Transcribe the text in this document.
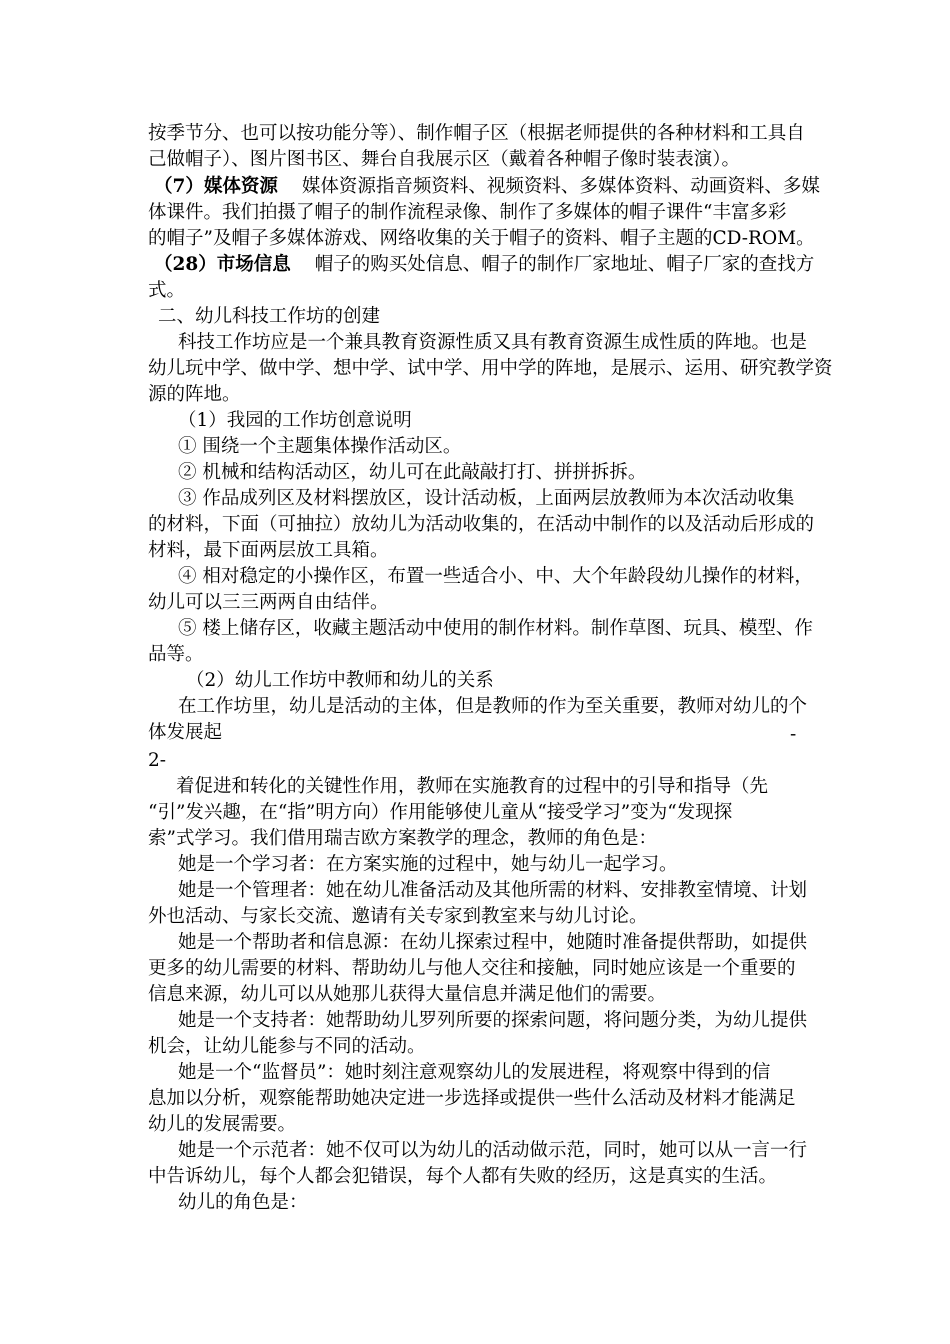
按季节分、也可以按功能分等）、制作帽子区（根据老师提供的各种材料和工具自
己做帽子）、图片图书区、舞台自我展示区（戴着各种帽子像时装表演）。
（7）媒体资源 媒体资源指音频资料、视频资料、多媒体资料、动画资料、多媒
体课件。我们拍摄了帽子的制作流程录像、制作了多媒体的帽子课件“丰富多彩
的帽子”及帽子多媒体游戏、网络收集的关于帽子的资料、帽子主题的CD-ROM。
（28）市场信息 帽子的购买处信息、帽子的制作厂家地址、帽子厂家的查找方
式。
二、幼儿科技工作坊的创建
科技工作坊应是一个兼具教育资源性质又具有教育资源生成性质的阵地。也是
幼儿玩中学、做中学、想中学、试中学、用中学的阵地，是展示、运用、研究教学资
源的阵地。
（1）我园的工作坊创意说明
① 围绕一个主题集体操作活动区。
② 机械和结构活动区，幼儿可在此敲敲打打、拼拼拆拆。
③ 作品成列区及材料摆放区，设计活动板，上面两层放教师为本次活动收集
的材料，下面（可抽拉）放幼儿为活动收集的，在活动中制作的以及活动后形成的
材料，最下面两层放工具箱。
④ 相对稳定的小操作区，布置一些适合小、中、大个年龄段幼儿操作的材料，
幼儿可以三三两两自由结伴。
⑤ 楼上储存区，收藏主题活动中使用的制作材料。制作草图、玩具、模型、作
品等。
（2）幼儿工作坊中教师和幼儿的关系
在工作坊里，幼儿是活动的主体，但是教师的作为至关重要，教师对幼儿的个
体发展起	-
2-
着促进和转化的关键性作用，教师在实施教育的过程中的引导和指导（先
“引”发兴趣，在“指”明方向）作用能够使儿童从“接受学习”变为“发现探
索”式学习。我们借用瑞吉欧方案教学的理念，教师的角色是：
她是一个学习者：在方案实施的过程中，她与幼儿一起学习。
她是一个管理者：她在幼儿准备活动及其他所需的材料、安排教室情境、计划
外也活动、与家长交流、邀请有关专家到教室来与幼儿讨论。
她是一个帮助者和信息源：在幼儿探索过程中，她随时准备提供帮助，如提供
更多的幼儿需要的材料、帮助幼儿与他人交往和接触，同时她应该是一个重要的
信息来源，幼儿可以从她那儿获得大量信息并满足他们的需要。
她是一个支持者：她帮助幼儿罗列所要的探索问题，将问题分类，为幼儿提供
机会，让幼儿能参与不同的活动。
她是一个“监督员”：她时刻注意观察幼儿的发展进程，将观察中得到的信
息加以分析，观察能帮助她决定进一步选择或提供一些什么活动及材料才能满足
幼儿的发展需要。
她是一个示范者：她不仅可以为幼儿的活动做示范，同时，她可以从一言一行
中告诉幼儿，每个人都会犯错误，每个人都有失败的经历，这是真实的生活。
幼儿的角色是：
